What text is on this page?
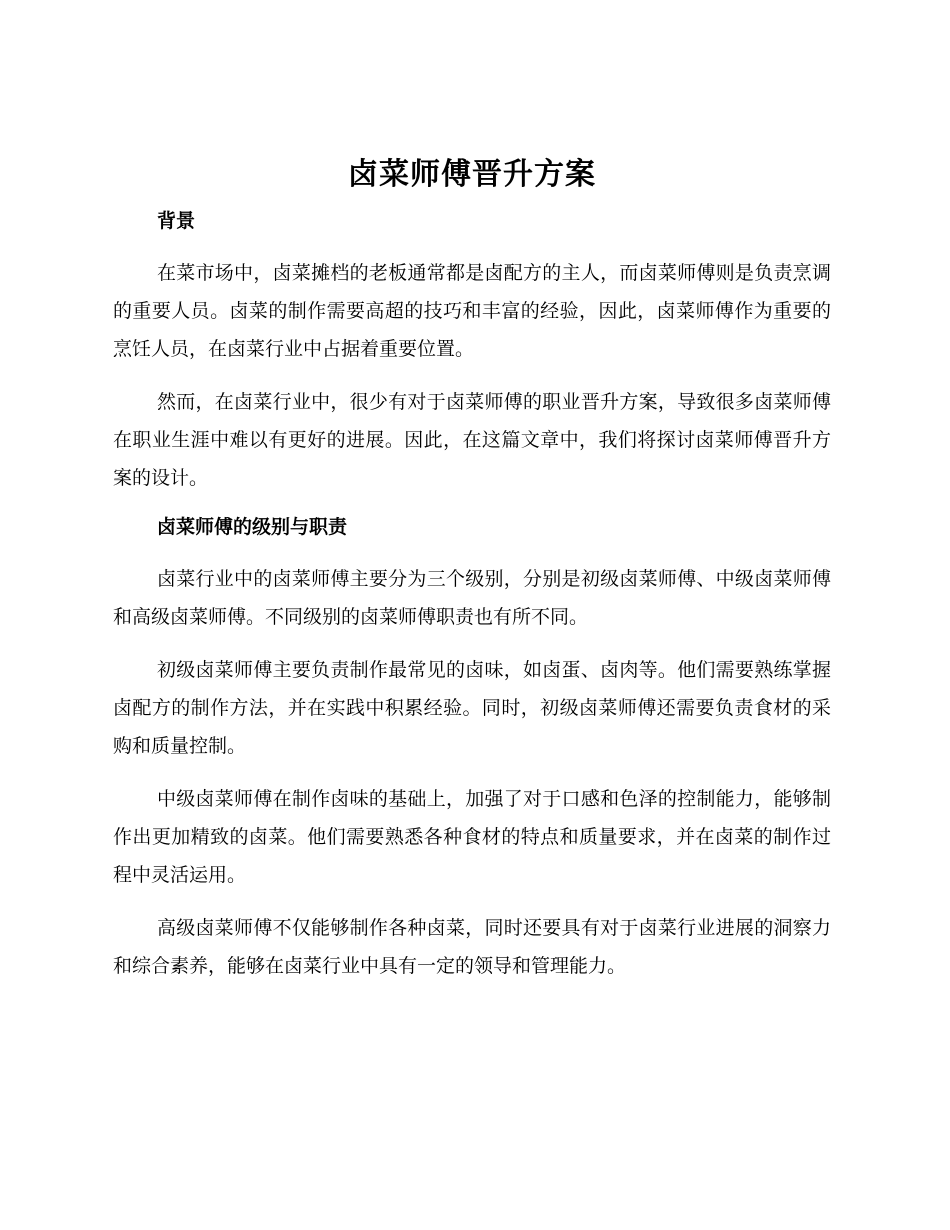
卤菜师傅晋升方案
背景

在菜市场中，卤菜摊档的老板通常都是卤配方的主人，而卤菜师傅则是负责烹调的重要人员。卤菜的制作需要高超的技巧和丰富的经验，因此，卤菜师傅作为重要的烹饪人员，在卤菜行业中占据着重要位置。

然而，在卤菜行业中，很少有对于卤菜师傅的职业晋升方案，导致很多卤菜师傅在职业生涯中难以有更好的进展。因此，在这篇文章中，我们将探讨卤菜师傅晋升方案的设计。

卤菜师傅的级别与职责

卤菜行业中的卤菜师傅主要分为三个级别，分别是初级卤菜师傅、中级卤菜师傅和高级卤菜师傅。不同级别的卤菜师傅职责也有所不同。

初级卤菜师傅主要负责制作最常见的卤味，如卤蛋、卤肉等。他们需要熟练掌握卤配方的制作方法，并在实践中积累经验。同时，初级卤菜师傅还需要负责食材的采购和质量控制。

中级卤菜师傅在制作卤味的基础上，加强了对于口感和色泽的控制能力，能够制作出更加精致的卤菜。他们需要熟悉各种食材的特点和质量要求，并在卤菜的制作过程中灵活运用。

高级卤菜师傅不仅能够制作各种卤菜，同时还要具有对于卤菜行业进展的洞察力和综合素养，能够在卤菜行业中具有一定的领导和管理能力。
